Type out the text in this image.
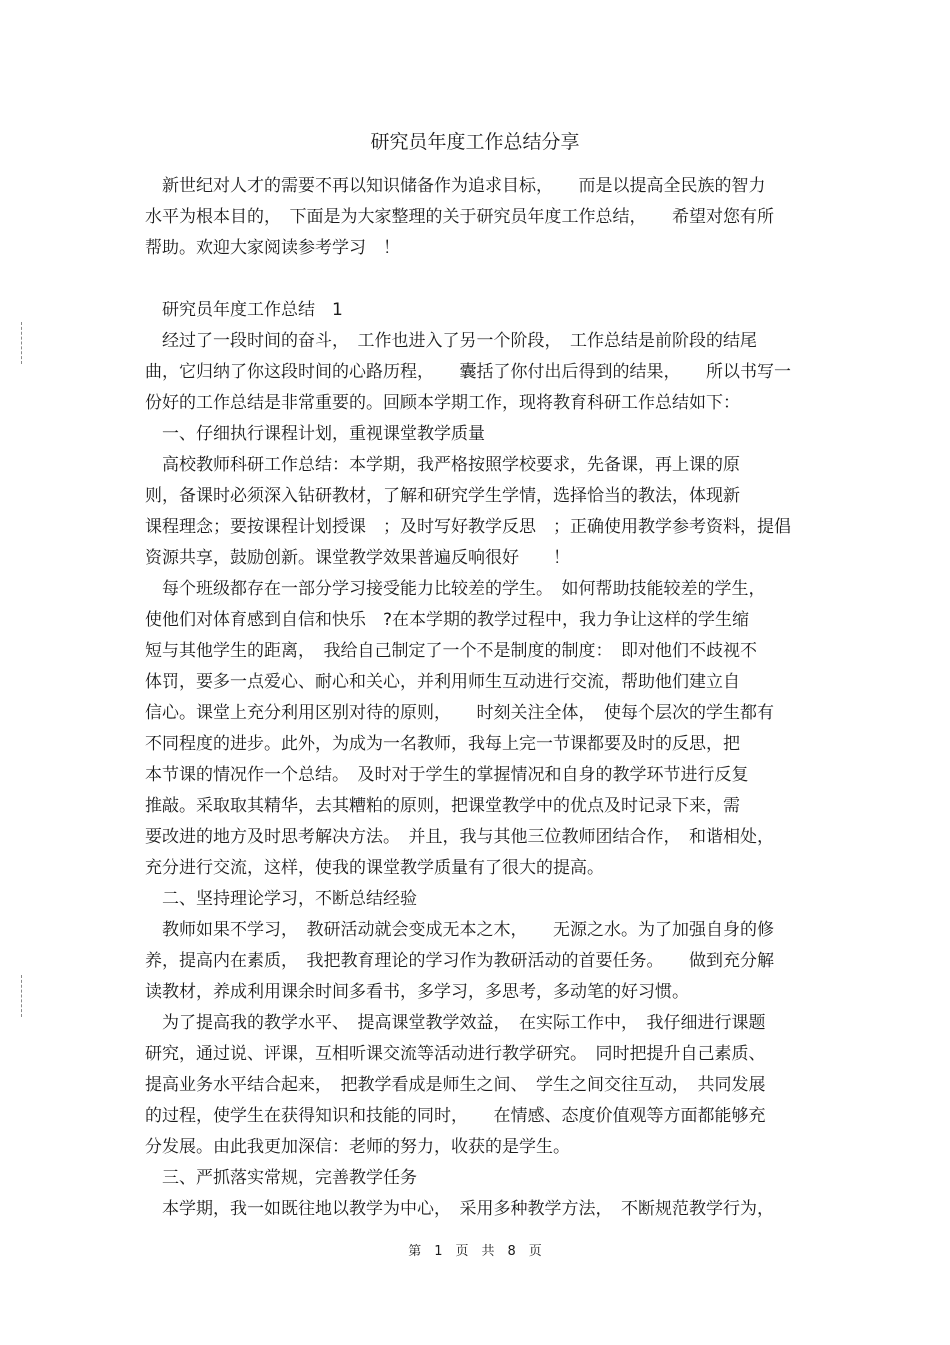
研究员年度工作总结分享
　新世纪对人才的需要不再以知识储备作为追求目标，　　而是以提高全民族的智力
水平为根本目的，　下面是为大家整理的关于研究员年度工作总结，　　希望对您有所
帮助。欢迎大家阅读参考学习　！
　研究员年度工作总结　1
　经过了一段时间的奋斗，　工作也进入了另一个阶段，　工作总结是前阶段的结尾
曲，它归纳了你这段时间的心路历程，　　囊括了你付出后得到的结果，　　所以书写一
份好的工作总结是非常重要的。回顾本学期工作，现将教育科研工作总结如下：
　一、仔细执行课程计划，重视课堂教学质量
　高校教师科研工作总结：本学期，我严格按照学校要求，先备课，再上课的原
则，备课时必须深入钻研教材，了解和研究学生学情，选择恰当的教法，体现新
课程理念；要按课程计划授课　；及时写好教学反思　；正确使用教学参考资料，提倡
资源共享，鼓励创新。课堂教学效果普遍反响很好　　！
　每个班级都存在一部分学习接受能力比较差的学生。　如何帮助技能较差的学生，
使他们对体育感到自信和快乐　?在本学期的教学过程中，我力争让这样的学生缩
短与其他学生的距离，　我给自己制定了一个不是制度的制度：　即对他们不歧视不
体罚，要多一点爱心、耐心和关心，并利用师生互动进行交流，帮助他们建立自
信心。课堂上充分利用区别对待的原则，　　时刻关注全体，　使每个层次的学生都有
不同程度的进步。此外，为成为一名教师，我每上完一节课都要及时的反思，把
本节课的情况作一个总结。　及时对于学生的掌握情况和自身的教学环节进行反复
推敲。采取取其精华，去其糟粕的原则，把课堂教学中的优点及时记录下来，需
要改进的地方及时思考解决方法。　并且，我与其他三位教师团结合作，　和谐相处，
充分进行交流，这样，使我的课堂教学质量有了很大的提高。
　二、坚持理论学习，不断总结经验
　教师如果不学习，　教研活动就会变成无本之木，　　无源之水。为了加强自身的修
养，提高内在素质，　我把教育理论的学习作为教研活动的首要任务。　　做到充分解
读教材，养成利用课余时间多看书，多学习，多思考，多动笔的好习惯。
　为了提高我的教学水平、　提高课堂教学效益，　在实际工作中，　我仔细进行课题
研究，通过说、评课，互相听课交流等活动进行教学研究。　同时把提升自己素质、
提高业务水平结合起来，　把教学看成是师生之间、　学生之间交往互动，　共同发展
的过程，使学生在获得知识和技能的同时，　　在情感、态度价值观等方面都能够充
分发展。由此我更加深信：老师的努力，收获的是学生。
　三、严抓落实常规，完善教学任务
　本学期，我一如既往地以教学为中心，　采用多种教学方法，　不断规范教学行为，
第　1　页　共　8　页
